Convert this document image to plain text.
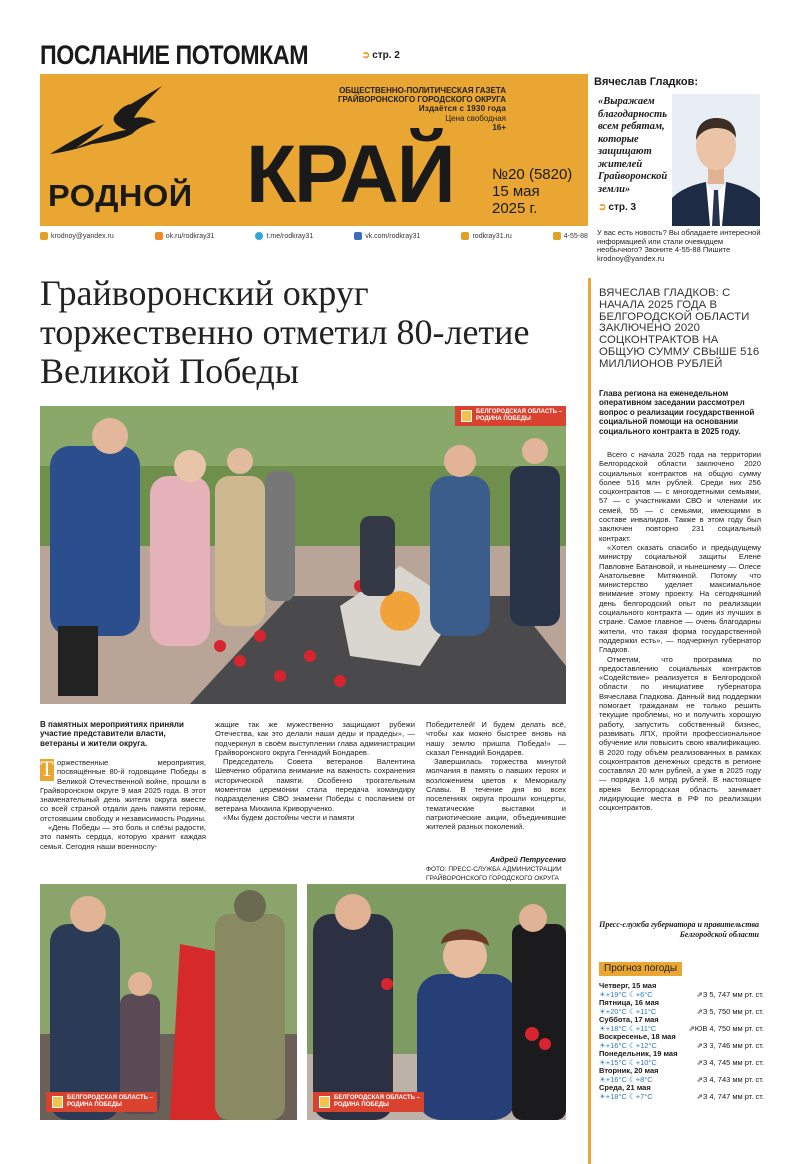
ПОСЛАНИЕ ПОТОМКАМ	➲ стр. 2
ОБЩЕСТВЕННО-ПОЛИТИЧЕСКАЯ ГАЗЕТА
ГРАЙВОРОНСКОГО ГОРОДСКОГО ОКРУГА
Издаётся с 1930 года
Цена свободная
16+
РОДНОЙ КРАЙ	№20 (5820)
15 мая
2025 г.
Вячеслав Гладков:
«Выражаем благодарность всем ребятам, которые защищают жителей Грайворонской земли»
➲ стр. 3
krodnoy@yandex.ru	ok.ru/rodkray31	t.me/rodkray31	vk.com/rodkray31	rodkray31.ru	4-55-88 У вас есть новость? Вы обладаете интересной информацией или стали очевидцем необычного? Звоните 4-55-88 Пишите krodnoy@yandex.ru
Грайворонский округ торжественно отметил 80-летие Великой Победы
БЕЛГОРОДСКАЯ ОБЛАСТЬ –
РОДИНА ПОБЕДЫ
В памятных мероприятиях приняли участие представители власти, ветераны и жители округа.

Т оржественные мероприятия, посвящённые 80-й годовщине Победы в Великой Отечественной войне, прошли в Грайворонском округе 9 мая 2025 года. В этот знаменательный день жители округа вместе со всей страной отдали дань памяти героям, отстоявшим свободу и независимость Родины.

«День Победы — это боль и слёзы радости, это память сердца, которую хранит каждая семья. Сегодня наши военнослу-

жащие так же мужественно защищают рубежи Отечества, как это делали наши деды и прадеды», — подчеркнул в своём выступлении глава администрации Грайворонского округа Геннадий Бондарев.

Председатель Совета ветеранов Валентина Шевченко обратила внимание на важность сохранения исторической памяти. Особенно трогательным моментом церемонии стала передача командиру подразделения СВО знамени Победы с посланием от ветерана Михаила Криворученко.

«Мы будем достойны чести и памяти

Победителей! И будем делать всё, чтобы как можно быстрее вновь на нашу землю пришла Победа!» — сказал Геннадий Бондарев.

Завершилась торжества минутой молчания в память о павших героях и возложением цветов к Мемориалу Славы. В течение дня во всех поселениях округа прошли концерты, тематические выставки и патриотические акции, объединившие жителей разных поколений.

Андрей Петрусенко
ФОТО: ПРЕСС-СЛУЖБА АДМИНИСТРАЦИИ ГРАЙВОРОНСКОГО ГОРОДСКОГО ОКРУГА
БЕЛГОРОДСКАЯ ОБЛАСТЬ –
РОДИНА ПОБЕДЫ
БЕЛГОРОДСКАЯ ОБЛАСТЬ –
РОДИНА ПОБЕДЫ
ВЯЧЕСЛАВ ГЛАДКОВ: С НАЧАЛА 2025 ГОДА В БЕЛГОРОДСКОЙ ОБЛАСТИ ЗАКЛЮЧЕНО 2020 СОЦКОНТРАКТОВ НА ОБЩУЮ СУММУ СВЫШЕ 516 МИЛЛИОНОВ РУБЛЕЙ
Глава региона на еженедельном оперативном заседании рассмотрел вопрос о реализации государственной социальной помощи на основании социального контракта в 2025 году.

Всего с начала 2025 года на территории Белгородской области заключено 2020 социальных контрактов на общую сумму более 516 млн рублей. Среди них 256 соцконтрактов — с многодетными семьями, 57 — с участниками СВО и членами их семей, 55 — с семьями, имеющими в составе инвалидов. Также в этом году был заключен повторно 231 социальный контракт.

«Хотел сказать спасибо и предыдущему министру социальной защиты Елене Павловне Батановой, и нынешнему — Олесе Анатольевне Митякиной. Потому что министерство уделяет максимальное внимание этому проекту. На сегодняшний день белгородский опыт по реализации социального контракта — один из лучших в стране. Самое главное — очень благодарны жители, что такая форма государственной поддержки есть», — подчеркнул губернатор Гладков.

Отметим, что программа по предоставлению социальных контрактов «Содействие» реализуется в Белгородской области по инициативе губернатора Вячеслава Гладкова. Данный вид поддержки помогает гражданам не только решить текущие проблемы, но и получить хорошую работу, запустить собственный бизнес, развивать ЛПХ, пройти профессиональное обучение или повысить свою квалификацию. В 2020 году объём реализованных в рамках соцконтрактов денежных средств в регионе составлял 20 млн рублей, а уже в 2025 году — порядка 1,6 млрд рублей. В настоящее время Белгородская область занимает лидирующие места в РФ по реализации соцконтрактов.

Пресс-служба губернатора и правительства Белгородской области
Прогноз погоды
Четверг, 15 мая
☀+19°C ☾+6°C	⇗З 5, 747 мм рт. ст.
Пятница, 16 мая
☀+20°C ☾+11°C	⇗З 5, 750 мм рт. ст.
Суббота, 17 мая
☀+18°C ☾+11°C	⇗ЮВ 4, 750 мм рт. ст.
Воскресенье, 18 мая
☀+16°C ☾+12°C	⇗З 3, 746 мм рт. ст.
Понедельник, 19 мая
☀+15°C ☾+10°C	⇗З 4, 745 мм рт. ст.
Вторник, 20 мая
☀+16°C ☾+8°C	⇗З 4, 743 мм рт. ст.
Среда, 21 мая
☀+18°C ☾+7°C	⇗З 4, 747 мм рт. ст.
